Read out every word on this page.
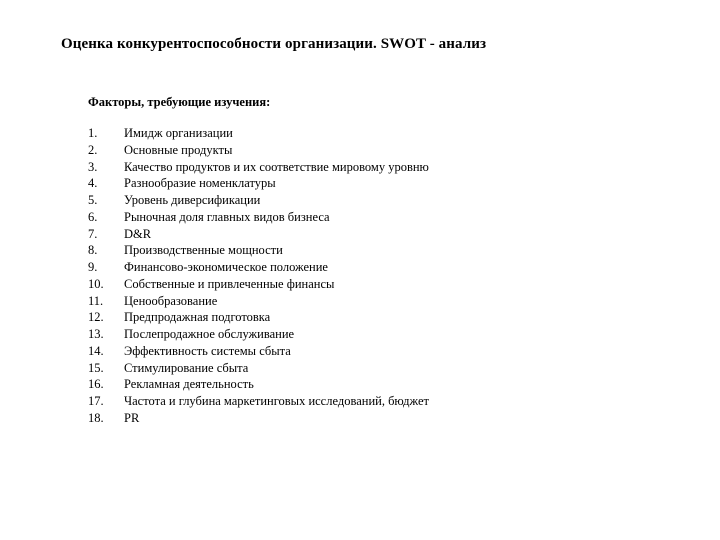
Оценка конкурентоспособности организации. SWOT - анализ
Факторы, требующие изучения:
1.	Имидж организации
2.	Основные продукты
3.	Качество продуктов и их соответствие мировому уровню
4.	Разнообразие номенклатуры
5.	Уровень диверсификации
6.	Рыночная доля главных видов бизнеса
7.	D&R
8.	Производственные мощности
9.	Финансово-экономическое положение
10.	Собственные и привлеченные финансы
11.	Ценообразование
12.	Предпродажная подготовка
13.	Послепродажное обслуживание
14.	Эффективность системы сбыта
15.	Стимулирование сбыта
16.	Рекламная деятельность
17.	Частота и глубина маркетинговых исследований, бюджет
18.	PR
